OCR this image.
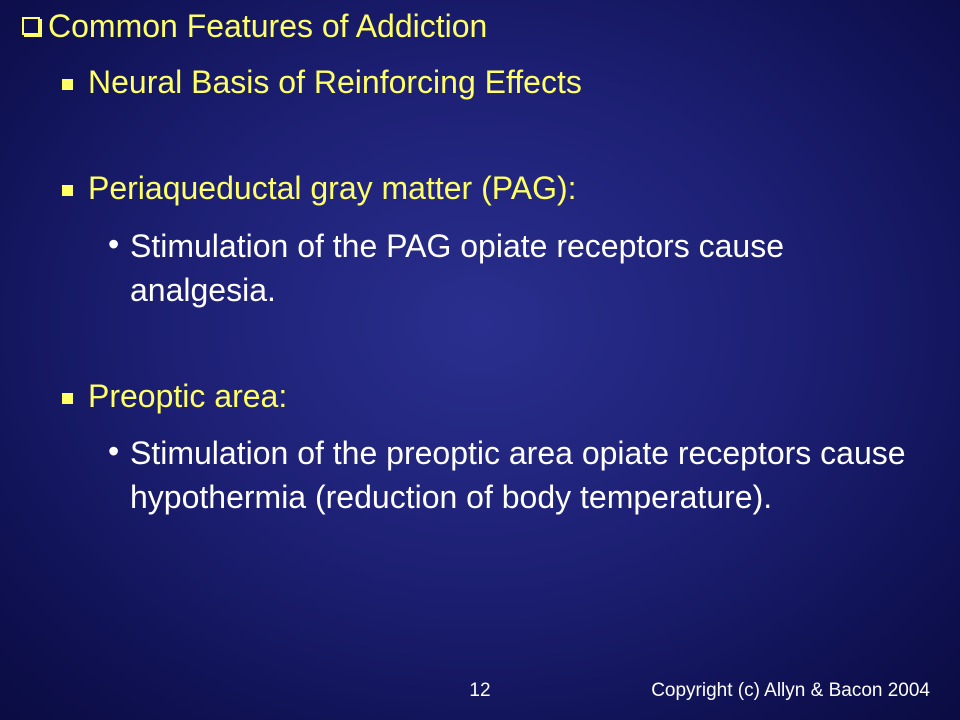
Common Features of Addiction
Neural Basis of Reinforcing Effects
Periaqueductal gray matter (PAG):
• Stimulation of the PAG opiate receptors cause analgesia.
Preoptic area:
• Stimulation of the preoptic area opiate receptors cause hypothermia (reduction of body temperature).
12	Copyright (c) Allyn & Bacon 2004
